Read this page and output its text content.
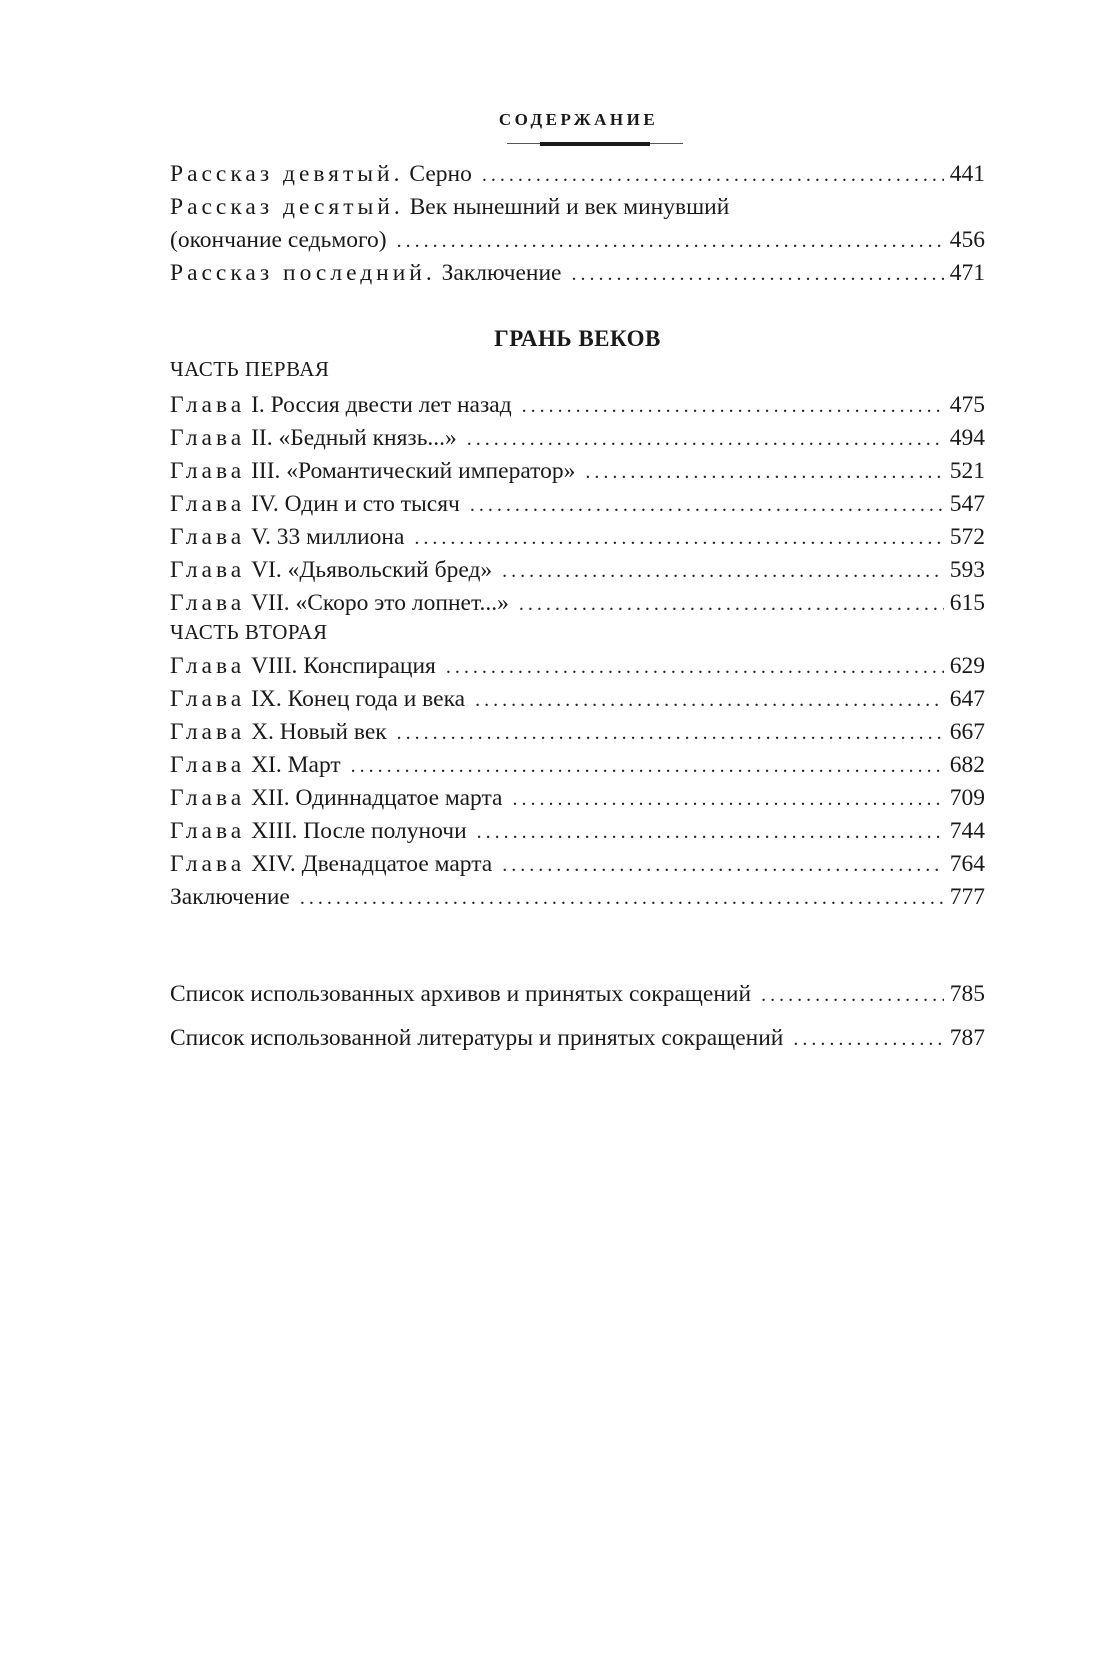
СОДЕРЖАНИЕ
Рассказ девятый. Серно . . .	441
Рассказ десятый. Век нынешний и век минувший
(окончание седьмого) . . .	456
Рассказ последний. Заключение . . .	471
ГРАНЬ ВЕКОВ
ЧАСТЬ ПЕРВАЯ
Глава I. Россия двести лет назад . . .	475
Глава II. «Бедный князь...» . . .	494
Глава III. «Романтический император» . . .	521
Глава IV. Один и сто тысяч . . .	547
Глава V. 33 миллиона . . .	572
Глава VI. «Дьявольский бред» . . .	593
Глава VII. «Скоро это лопнет...» . . .	615
ЧАСТЬ ВТОРАЯ
Глава VIII. Конспирация . . .	629
Глава IX. Конец года и века . . .	647
Глава X. Новый век . . .	667
Глава XI. Март . . .	682
Глава XII. Одиннадцатое марта . . .	709
Глава XIII. После полуночи . . .	744
Глава XIV. Двенадцатое марта . . .	764
Заключение . . .	777
Список использованных архивов и принятых сокращений . . .	785
Список использованной литературы и принятых сокращений . . .	787
